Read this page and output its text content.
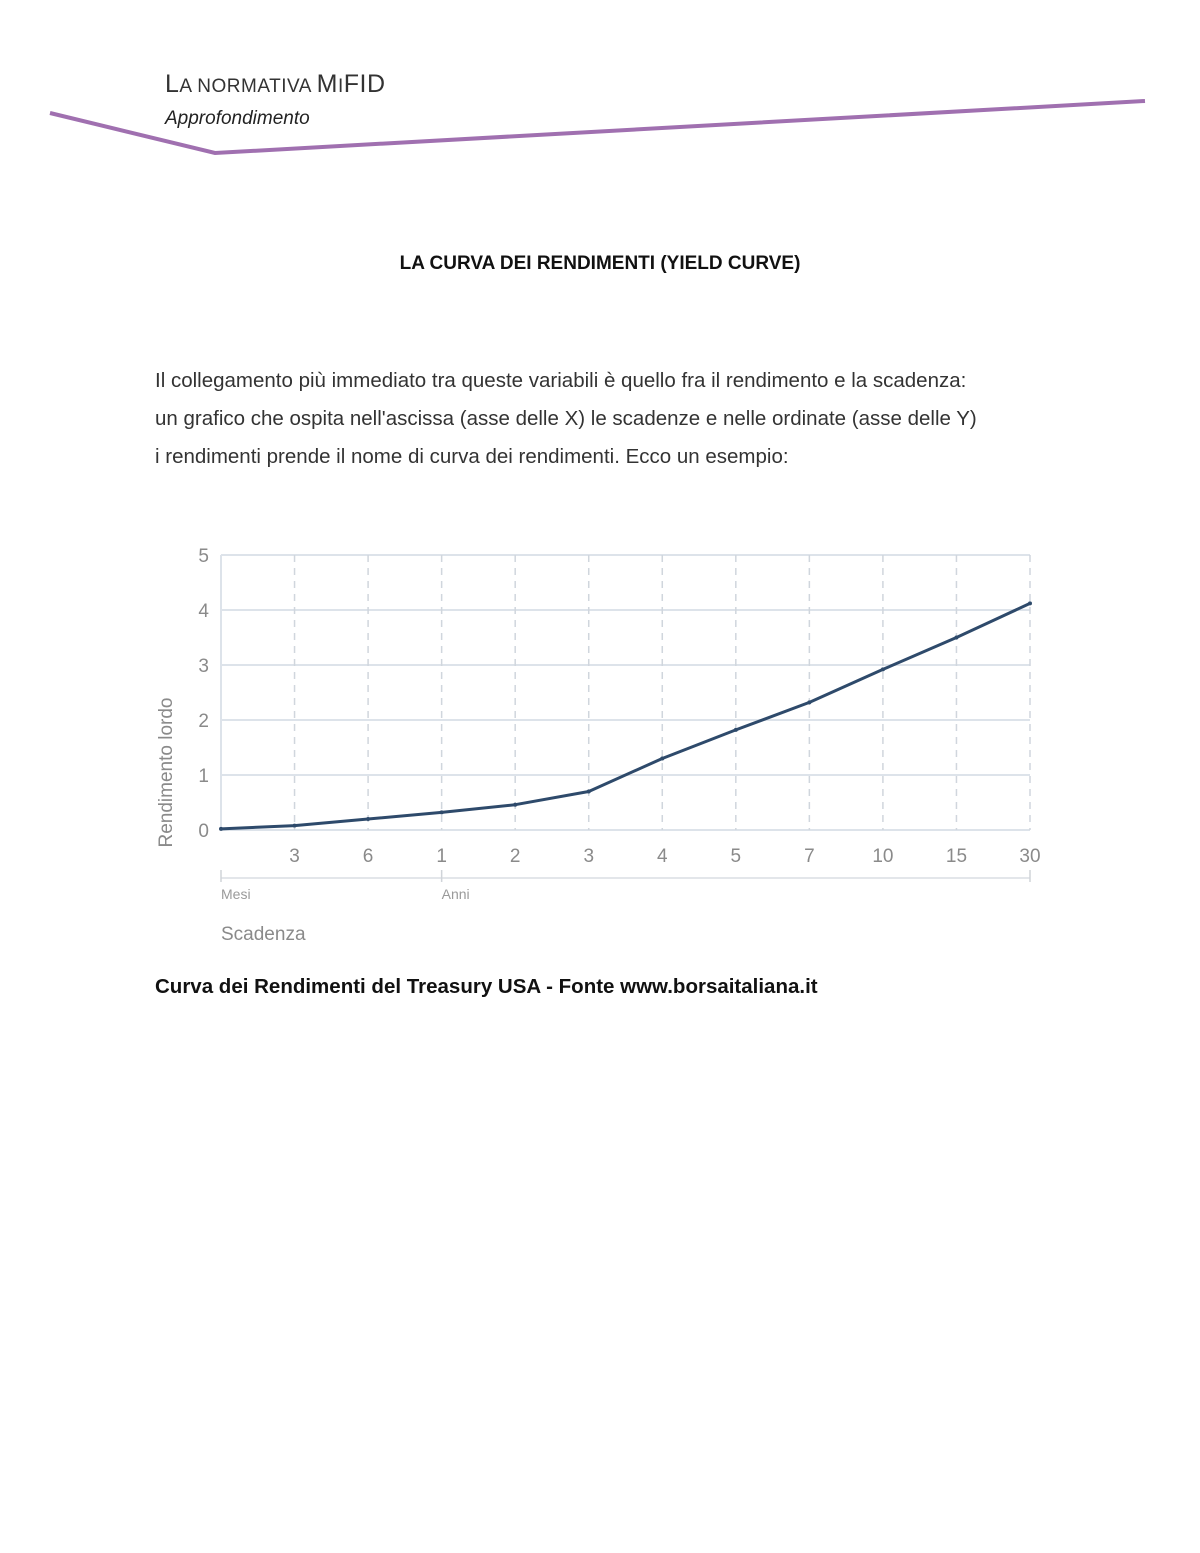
LA NORMATIVA MIFID
Approfondimento
LA CURVA DEI RENDIMENTI (YIELD CURVE)

Il collegamento più immediato tra queste variabili è quello fra il rendimento e la scadenza:

un grafico che ospita nell'ascissa (asse delle X) le scadenze e nelle ordinate (asse delle Y)

i rendimenti prende il nome di curva dei rendimenti. Ecco un esempio:

0
1
2
3
4
5
3	6	1	2	3	4	5	7	10	15	30
Mesi	Anni
Scadenza
Rendimento lordo
Curva dei Rendimenti del Treasury USA - Fonte www.borsaitaliana.it
